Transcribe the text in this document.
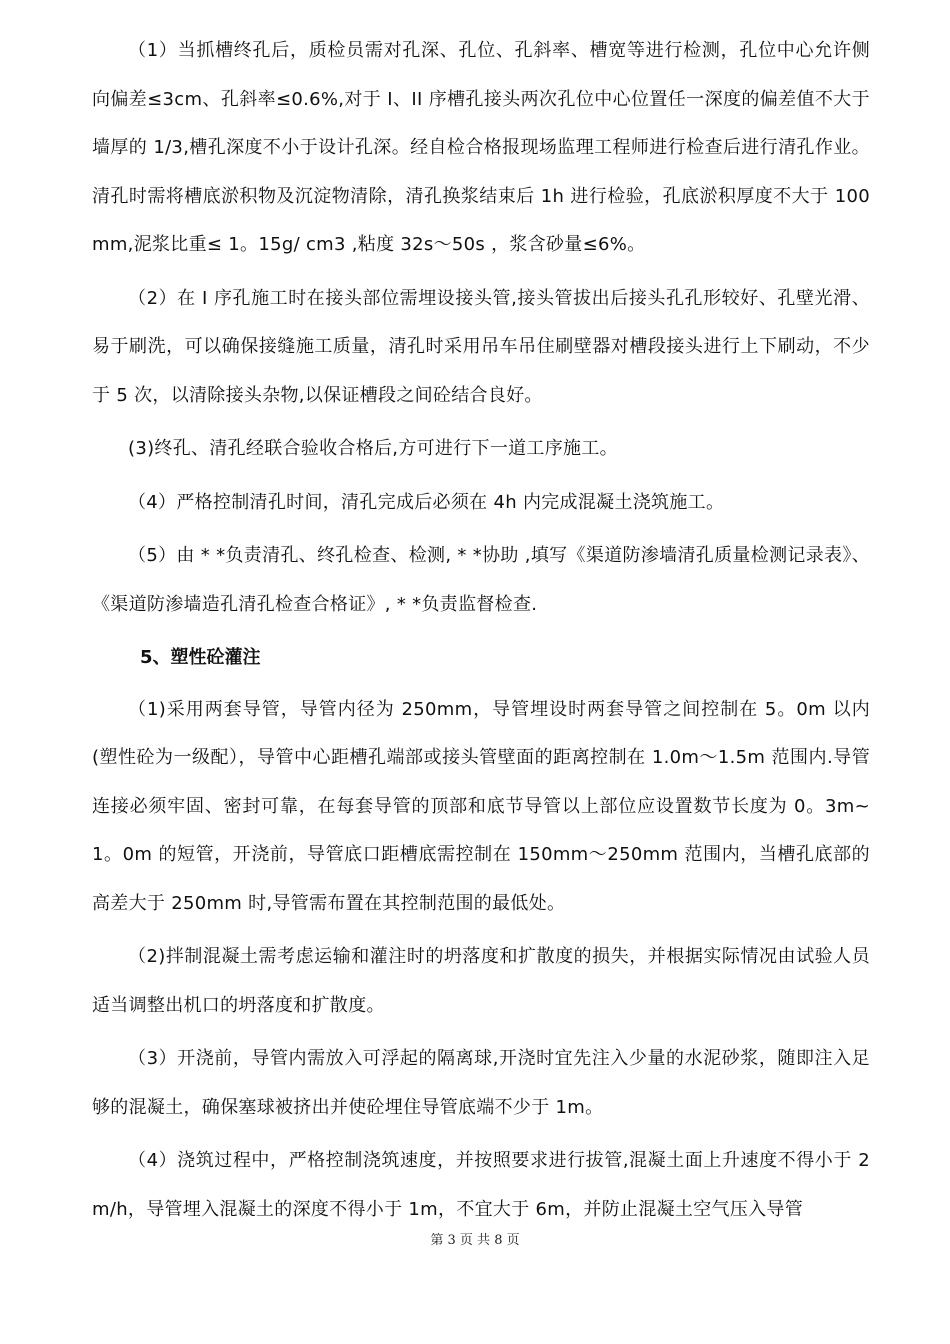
（1）当抓槽终孔后，质检员需对孔深、孔位、孔斜率、槽宽等进行检测，孔位中心允许侧向偏差≤3cm、孔斜率≤0.6%,对于 I、II 序槽孔接头两次孔位中心位置任一深度的偏差值不大于墙厚的 1/3,槽孔深度不小于设计孔深。经自检合格报现场监理工程师进行检查后进行清孔作业。清孔时需将槽底淤积物及沉淀物清除，清孔换浆结束后 1h 进行检验，孔底淤积厚度不大于 100mm,泥浆比重≤ 1。15g/ cm3 ,粘度 32s～50s ，浆含砂量≤6%。

（2）在 I 序孔施工时在接头部位需埋设接头管,接头管拔出后接头孔孔形较好、孔壁光滑、易于刷洗，可以确保接缝施工质量，清孔时采用吊车吊住刷壁器对槽段接头进行上下刷动，不少于 5 次，以清除接头杂物,以保证槽段之间砼结合良好。

(3)终孔、清孔经联合验收合格后,方可进行下一道工序施工。

（4）严格控制清孔时间，清孔完成后必须在 4h 内完成混凝土浇筑施工。

（5）由 * *负责清孔、终孔检查、检测, * *协助 ,填写《渠道防渗墙清孔质量检测记录表》、《渠道防渗墙造孔清孔检查合格证》, * *负责监督检查.

5、塑性砼灌注

（1)采用两套导管，导管内径为 250mm，导管埋设时两套导管之间控制在 5。0m 以内(塑性砼为一级配），导管中心距槽孔端部或接头管壁面的距离控制在 1.0m～1.5m 范围内.导管连接必须牢固、密封可靠，在每套导管的顶部和底节导管以上部位应设置数节长度为 0。3m~1。0m 的短管，开浇前，导管底口距槽底需控制在 150mm～250mm 范围内，当槽孔底部的高差大于 250mm 时,导管需布置在其控制范围的最低处。

（2)拌制混凝土需考虑运输和灌注时的坍落度和扩散度的损失，并根据实际情况由试验人员适当调整出机口的坍落度和扩散度。

（3）开浇前，导管内需放入可浮起的隔离球,开浇时宜先注入少量的水泥砂浆，随即注入足够的混凝土，确保塞球被挤出并使砼埋住导管底端不少于 1m。

（4）浇筑过程中，严格控制浇筑速度，并按照要求进行拔管,混凝土面上升速度不得小于 2m/h，导管埋入混凝土的深度不得小于 1m，不宜大于 6m，并防止混凝土空气压入导管

第 3 页 共 8 页
